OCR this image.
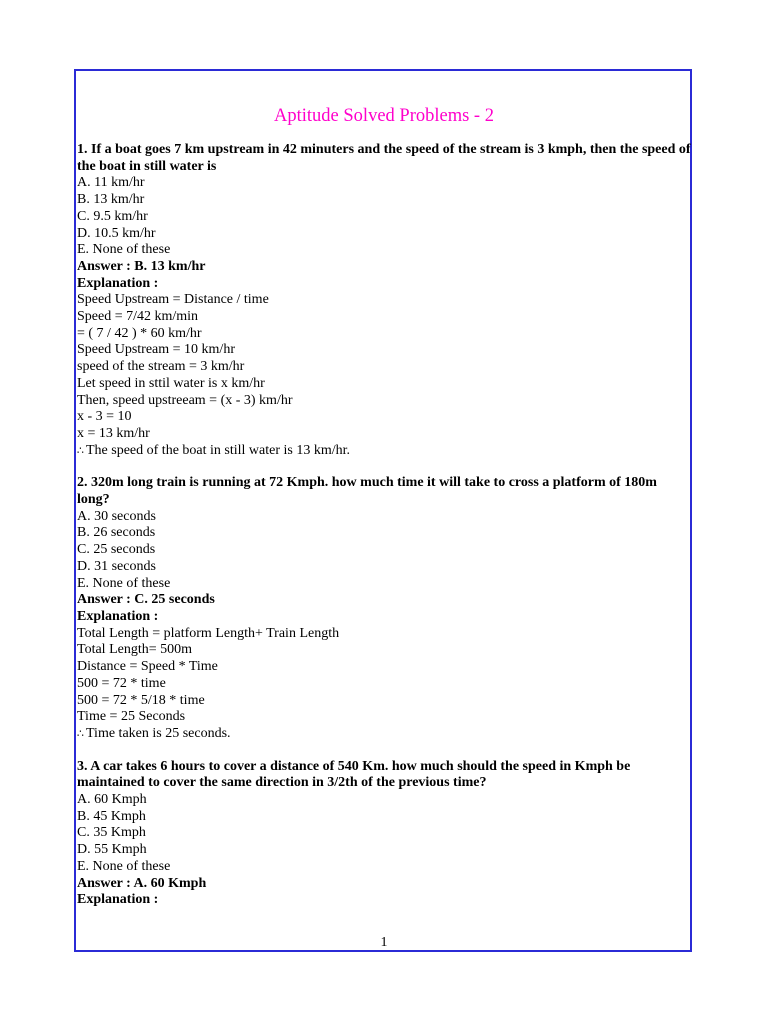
Aptitude Solved Problems - 2
1. If a boat goes 7 km upstream in 42 minuters and the speed of the stream is 3 kmph, then the speed of the boat in still water is
A. 11 km/hr
B. 13 km/hr
C. 9.5 km/hr
D. 10.5 km/hr
E. None of these
Answer : B. 13 km/hr
Explanation :
Speed Upstream = Distance / time
Speed = 7/42 km/min
= ( 7 / 42 ) * 60 km/hr
Speed Upstream = 10 km/hr
speed of the stream = 3 km/hr
Let speed in sttil water is x km/hr
Then, speed upstreeam = (x - 3) km/hr
x - 3 = 10
x = 13 km/hr
∴ The speed of the boat in still water is 13 km/hr.
2. 320m long train is running at 72 Kmph. how much time it will take to cross a platform of 180m long?
A. 30 seconds
B. 26 seconds
C. 25 seconds
D. 31 seconds
E. None of these
Answer : C. 25 seconds
Explanation :
Total Length = platform Length+ Train Length
Total Length= 500m
Distance = Speed * Time
500 = 72 * time
500 = 72 * 5/18 * time
Time = 25 Seconds
∴ Time taken is 25 seconds.
3. A car takes 6 hours to cover a distance of 540 Km. how much should the speed in Kmph be maintained to cover the same direction in 3/2th of the previous time?
A. 60 Kmph
B. 45 Kmph
C. 35 Kmph
D. 55 Kmph
E. None of these
Answer : A. 60 Kmph
Explanation :
1
